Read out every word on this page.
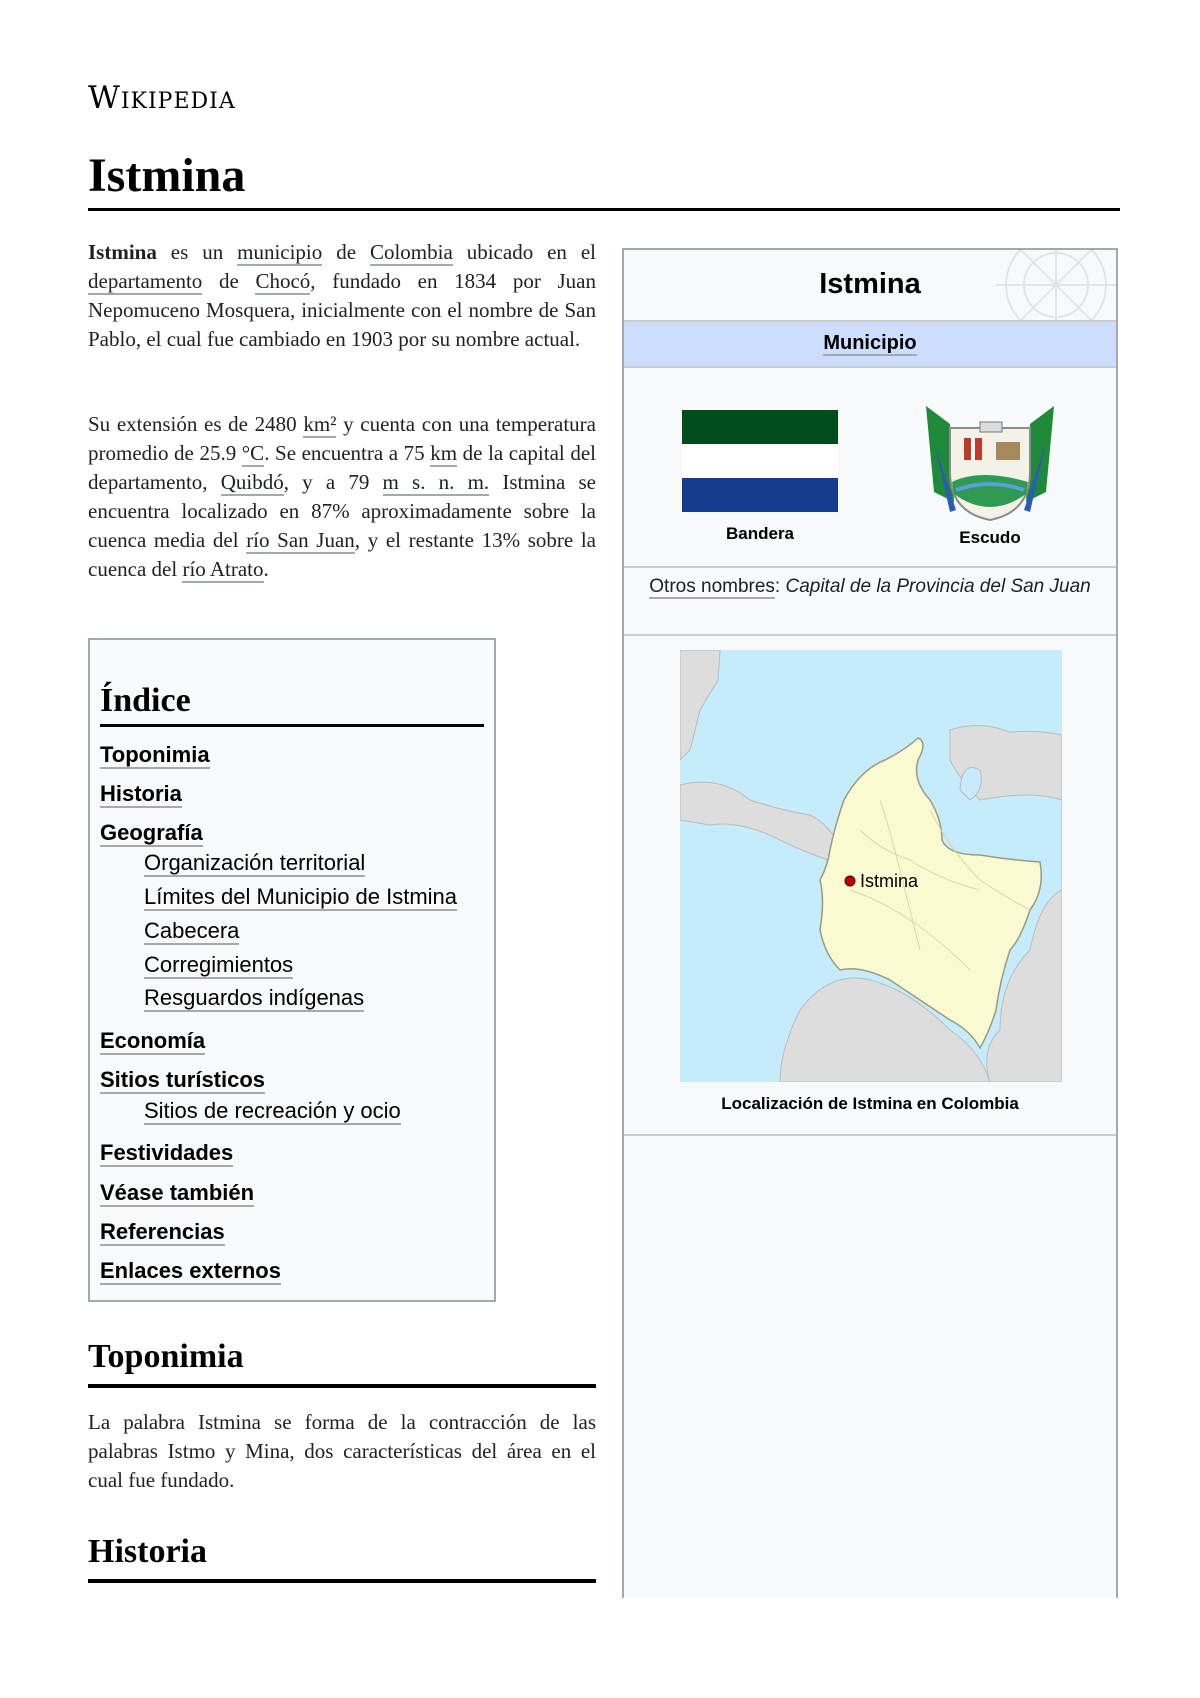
Wikipedia
Istmina

Istmina es un municipio de Colombia ubicado en el departamento de Chocó, fundado en 1834 por Juan Nepomuceno Mosquera, inicialmente con el nombre de San Pablo, el cual fue cambiado en 1903 por su nombre actual.

Su extensión es de 2480 km² y cuenta con una temperatura promedio de 25.9 °C. Se encuentra a 75 km de la capital del departamento, Quibdó, y a 79 m s. n. m. Istmina se encuentra localizado en 87% aproximadamente sobre la cuenca media del río San Juan, y el restante 13% sobre la cuenca del río Atrato.

Índice
Toponimia
Historia
Geografía
Organización territorial
Límites del Municipio de Istmina
Cabecera
Corregimientos
Resguardos indígenas
Economía
Sitios turísticos
Sitios de recreación y ocio
Festividades
Véase también
Referencias
Enlaces externos
Toponimia

La palabra Istmina se forma de la contracción de las palabras Istmo y Mina, dos características del área en el cual fue fundado.

Historia
Istmina
Municipio
Bandera	Escudo
Otros nombres: Capital de la Provincia del San Juan
Istmina
Localización de Istmina en Colombia
